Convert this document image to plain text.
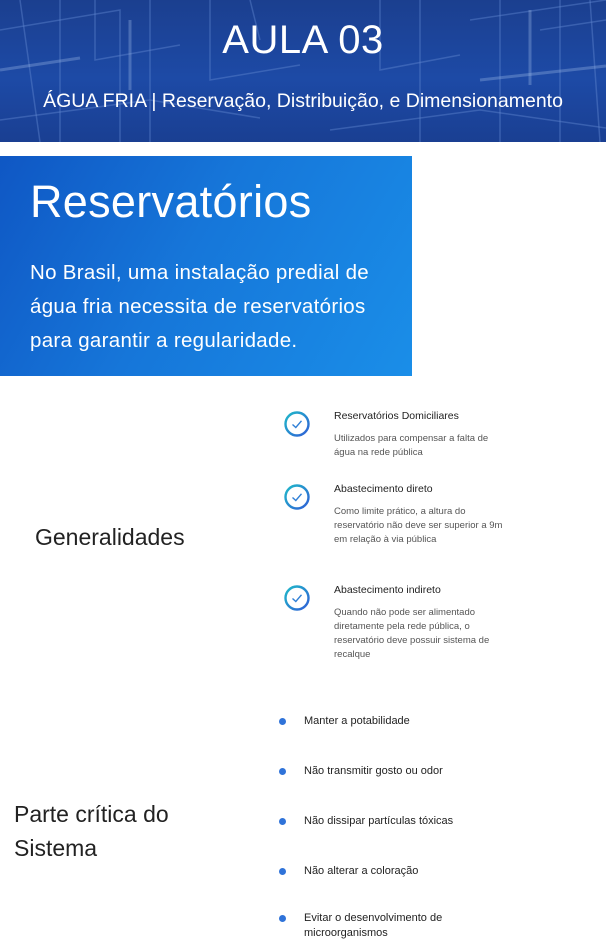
AULA 03
ÁGUA FRIA | Reservação, Distribuição, e Dimensionamento
Reservatórios
No Brasil, uma instalação predial de água fria necessita de reservatórios para garantir a regularidade.
Generalidades
Reservatórios Domiciliares
Utilizados para compensar a falta de água na rede pública
Abastecimento direto
Como limite prático, a altura do reservatório não deve ser superior a 9m em relação à via pública
Abastecimento indireto
Quando não pode ser alimentado diretamente pela rede pública, o reservatório deve possuir sistema de recalque
Parte crítica do Sistema
Manter a potabilidade
Não transmitir gosto ou odor
Não dissipar partículas tóxicas
Não alterar a coloração
Evitar o desenvolvimento de microorganismos
